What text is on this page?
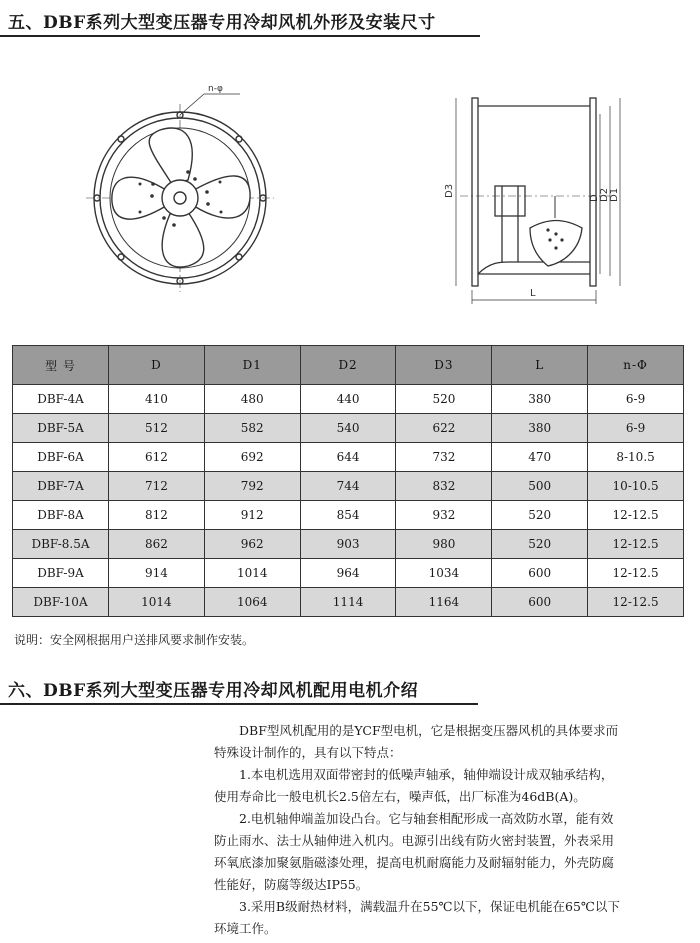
五、DBF系列大型变压器专用冷却风机外形及安装尺寸
n-φ
D3
D D2 D1
L
型 号	D	D1	D2	D3	L	n-Φ
DBF-4A	410	480	440	520	380	6-9
DBF-5A	512	582	540	622	380	6-9
DBF-6A	612	692	644	732	470	8-10.5
DBF-7A	712	792	744	832	500	10-10.5
DBF-8A	812	912	854	932	520	12-12.5
DBF-8.5A	862	962	903	980	520	12-12.5
DBF-9A	914	1014	964	1034	600	12-12.5
DBF-10A	1014	1064	1114	1164	600	12-12.5
说明：安全网根据用户送排风要求制作安装。
六、DBF系列大型变压器专用冷却风机配用电机介绍
　　DBF型风机配用的是YCF型电机，它是根据变压器风机的具体要求而
特殊设计制作的，具有以下特点：
　　1.本电机选用双面带密封的低噪声轴承，轴伸端设计成双轴承结构，
使用寿命比一般电机长2.5倍左右，噪声低，出厂标准为46dB(A)。
　　2.电机轴伸端盖加设凸台。它与轴套相配形成一高效防水罩，能有效
防止雨水、法士从轴伸进入机内。电源引出线有防火密封装置，外表采用
环氧底漆加聚氨脂磁漆处理，提高电机耐腐能力及耐辐射能力，外壳防腐
性能好，防腐等级达IP55。
　　3.采用B级耐热材料，满载温升在55℃以下，保证电机能在65℃以下
环境工作。
